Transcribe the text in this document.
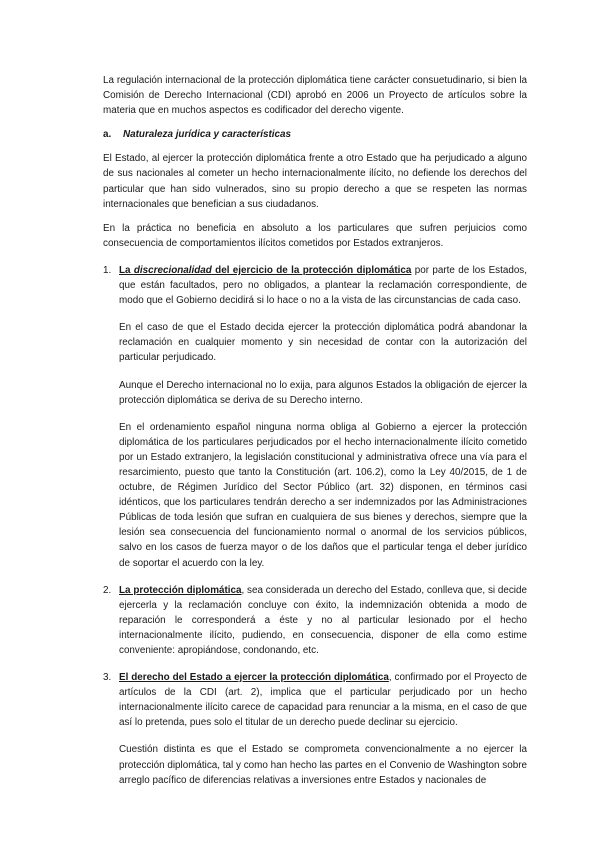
La regulación internacional de la protección diplomática tiene carácter consuetudinario, si bien la Comisión de Derecho Internacional (CDI) aprobó en 2006 un Proyecto de artículos sobre la materia que en muchos aspectos es codificador del derecho vigente.

a. Naturaleza jurídica y características

El Estado, al ejercer la protección diplomática frente a otro Estado que ha perjudicado a alguno de sus nacionales al cometer un hecho internacionalmente ilícito, no defiende los derechos del particular que han sido vulnerados, sino su propio derecho a que se respeten las normas internacionales que benefician a sus ciudadanos.

En la práctica no beneficia en absoluto a los particulares que sufren perjuicios como consecuencia de comportamientos ilícitos cometidos por Estados extranjeros.

1. La discrecionalidad del ejercicio de la protección diplomática por parte de los Estados, que están facultados, pero no obligados, a plantear la reclamación correspondiente, de modo que el Gobierno decidirá si lo hace o no a la vista de las circunstancias de cada caso.

En el caso de que el Estado decida ejercer la protección diplomática podrá abandonar la reclamación en cualquier momento y sin necesidad de contar con la autorización del particular perjudicado.

Aunque el Derecho internacional no lo exija, para algunos Estados la obligación de ejercer la protección diplomática se deriva de su Derecho interno.

En el ordenamiento español ninguna norma obliga al Gobierno a ejercer la protección diplomática de los particulares perjudicados por el hecho internacionalmente ilícito cometido por un Estado extranjero, la legislación constitucional y administrativa ofrece una vía para el resarcimiento, puesto que tanto la Constitución (art. 106.2), como la Ley 40/2015, de 1 de octubre, de Régimen Jurídico del Sector Público (art. 32) disponen, en términos casi idénticos, que los particulares tendrán derecho a ser indemnizados por las Administraciones Públicas de toda lesión que sufran en cualquiera de sus bienes y derechos, siempre que la lesión sea consecuencia del funcionamiento normal o anormal de los servicios públicos, salvo en los casos de fuerza mayor o de los daños que el particular tenga el deber jurídico de soportar el acuerdo con la ley.

2. La protección diplomática, sea considerada un derecho del Estado, conlleva que, si decide ejercerla y la reclamación concluye con éxito, la indemnización obtenida a modo de reparación le corresponderá a éste y no al particular lesionado por el hecho internacionalmente ilícito, pudiendo, en consecuencia, disponer de ella como estime conveniente: apropiándose, condonando, etc.

3. El derecho del Estado a ejercer la protección diplomática, confirmado por el Proyecto de artículos de la CDI (art. 2), implica que el particular perjudicado por un hecho internacionalmente ilícito carece de capacidad para renunciar a la misma, en el caso de que así lo pretenda, pues solo el titular de un derecho puede declinar su ejercicio.

Cuestión distinta es que el Estado se comprometa convencionalmente a no ejercer la protección diplomática, tal y como han hecho las partes en el Convenio de Washington sobre arreglo pacífico de diferencias relativas a inversiones entre Estados y nacionales de
